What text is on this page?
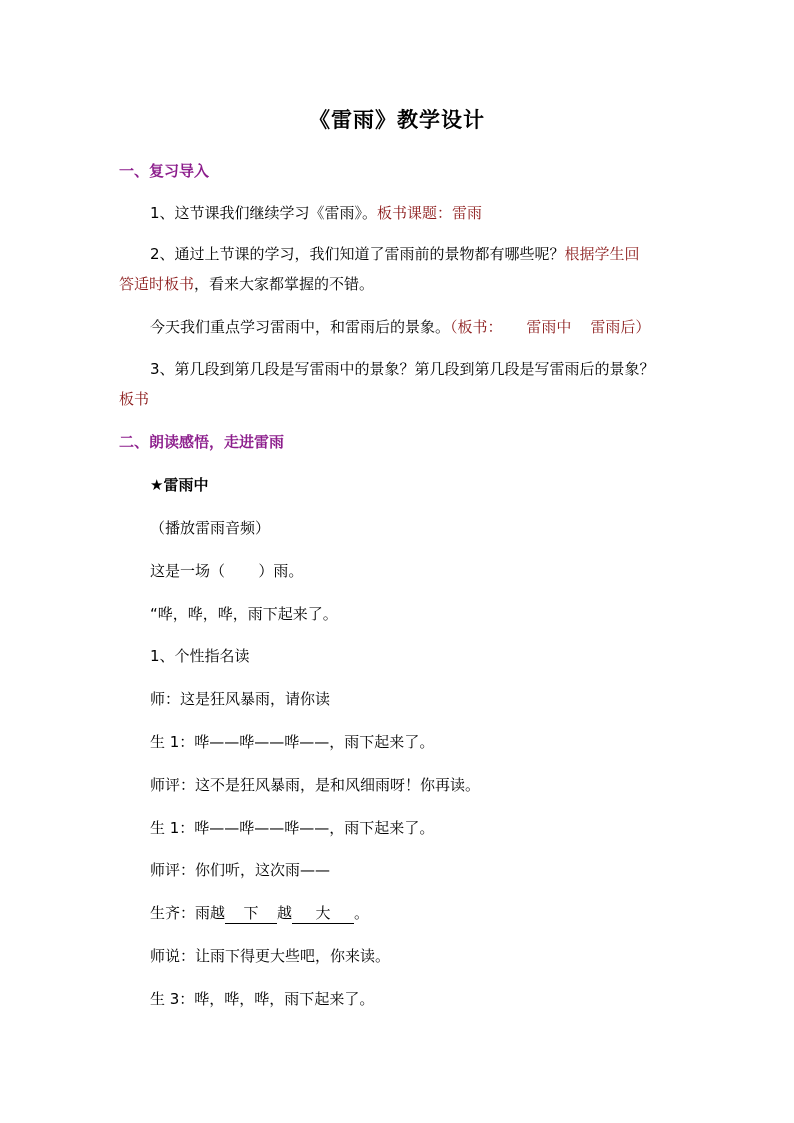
《雷雨》教学设计
一、复习导入
1、这节课我们继续学习《雷雨》。板书课题：雷雨
2、通过上节课的学习，我们知道了雷雨前的景物都有哪些呢？根据学生回
答适时板书，看来大家都掌握的不错。
今天我们重点学习雷雨中，和雷雨后的景象。（板书：     雷雨中    雷雨后）
3、第几段到第几段是写雷雨中的景象？第几段到第几段是写雷雨后的景象？
板书
二、朗读感悟，走进雷雨
★雷雨中
（播放雷雨音频）
这是一场（       ）雨。
“哗，哗，哗，雨下起来了。
1、个性指名读
师：这是狂风暴雨，请你读
生 1：哗——哗——哗——，雨下起来了。
师评：这不是狂风暴雨，是和风细雨呀！你再读。
生 1：哗——哗——哗——，雨下起来了。
师评：你们听，这次雨——
生齐：雨越 下 越 大 。
师说：让雨下得更大些吧，你来读。
生 3：哗，哗，哗，雨下起来了。
